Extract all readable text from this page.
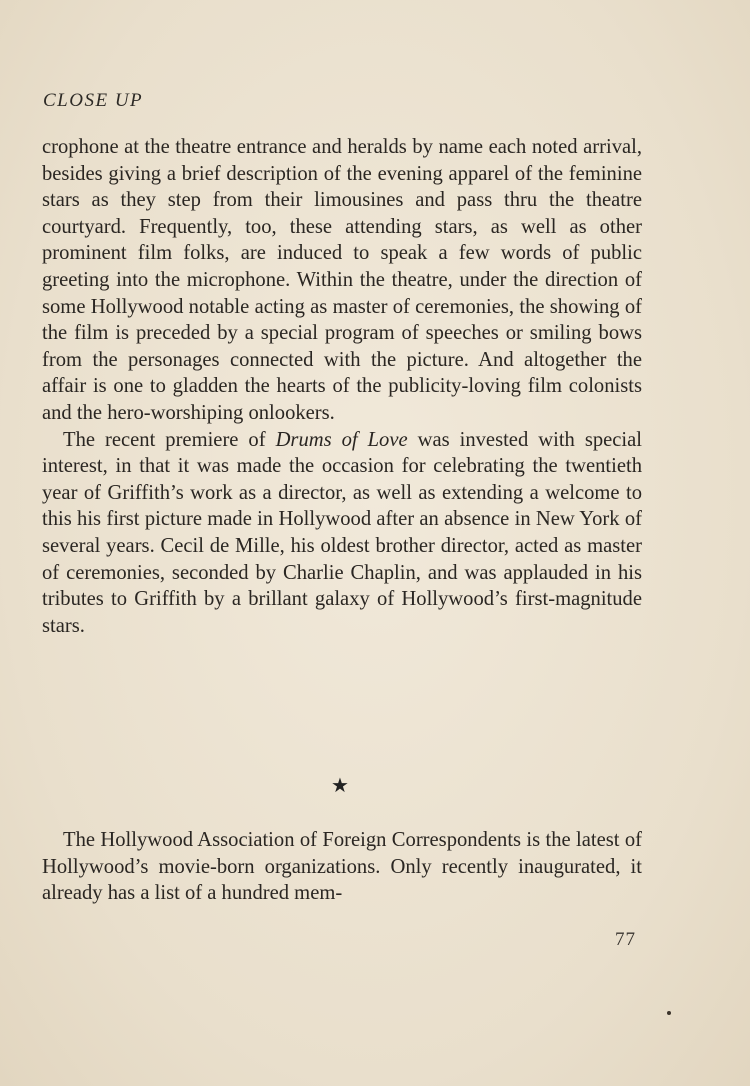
CLOSE UP

crophone at the theatre entrance and heralds by name each noted arrival, besides giving a brief description of the evening apparel of the feminine stars as they step from their limousines and pass thru the theatre courtyard. Frequently, too, these attending stars, as well as other prominent film folks, are induced to speak a few words of public greeting into the microphone. Within the theatre, under the direction of some Hollywood notable acting as master of ceremonies, the showing of the film is preceded by a special program of speeches or smiling bows from the personages connected with the picture. And altogether the affair is one to gladden the hearts of the publicity-loving film colonists and the hero-worshiping onlookers.

The recent premiere of Drums of Love was invested with special interest, in that it was made the occasion for celebrating the twentieth year of Griffith’s work as a director, as well as extending a welcome to this his first picture made in Hollywood after an absence in New York of several years. Cecil de Mille, his oldest brother director, acted as master of ceremonies, seconded by Charlie Chaplin, and was applauded in his tributes to Griffith by a brillant galaxy of Hollywood’s first-magnitude stars.

★

The Hollywood Association of Foreign Correspondents is the latest of Hollywood’s movie-born organizations. Only recently inaugurated, it already has a list of a hundred mem-

77
